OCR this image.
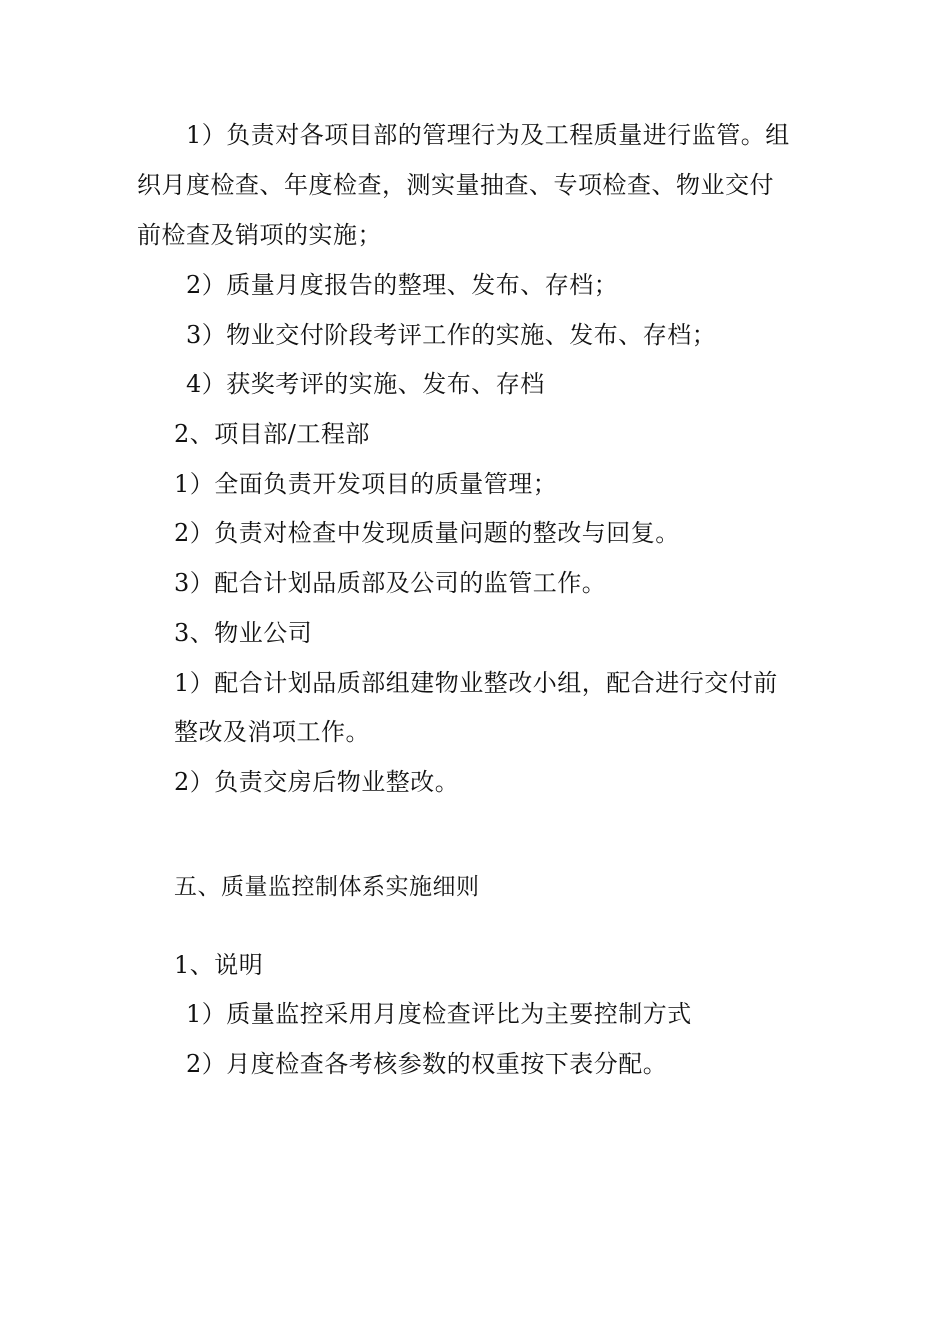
1）负责对各项目部的管理行为及工程质量进行监管。组
织月度检查、年度检查，测实量抽查、专项检查、物业交付
前检查及销项的实施；
2）质量月度报告的整理、发布、存档；
3）物业交付阶段考评工作的实施、发布、存档；
4）获奖考评的实施、发布、存档
2、项目部/工程部
1）全面负责开发项目的质量管理；
2）负责对检查中发现质量问题的整改与回复。
3）配合计划品质部及公司的监管工作。
3、物业公司
1）配合计划品质部组建物业整改小组，配合进行交付前
整改及消项工作。
2）负责交房后物业整改。
五、质量监控制体系实施细则
1、说明
1）质量监控采用月度检查评比为主要控制方式
2）月度检查各考核参数的权重按下表分配。
